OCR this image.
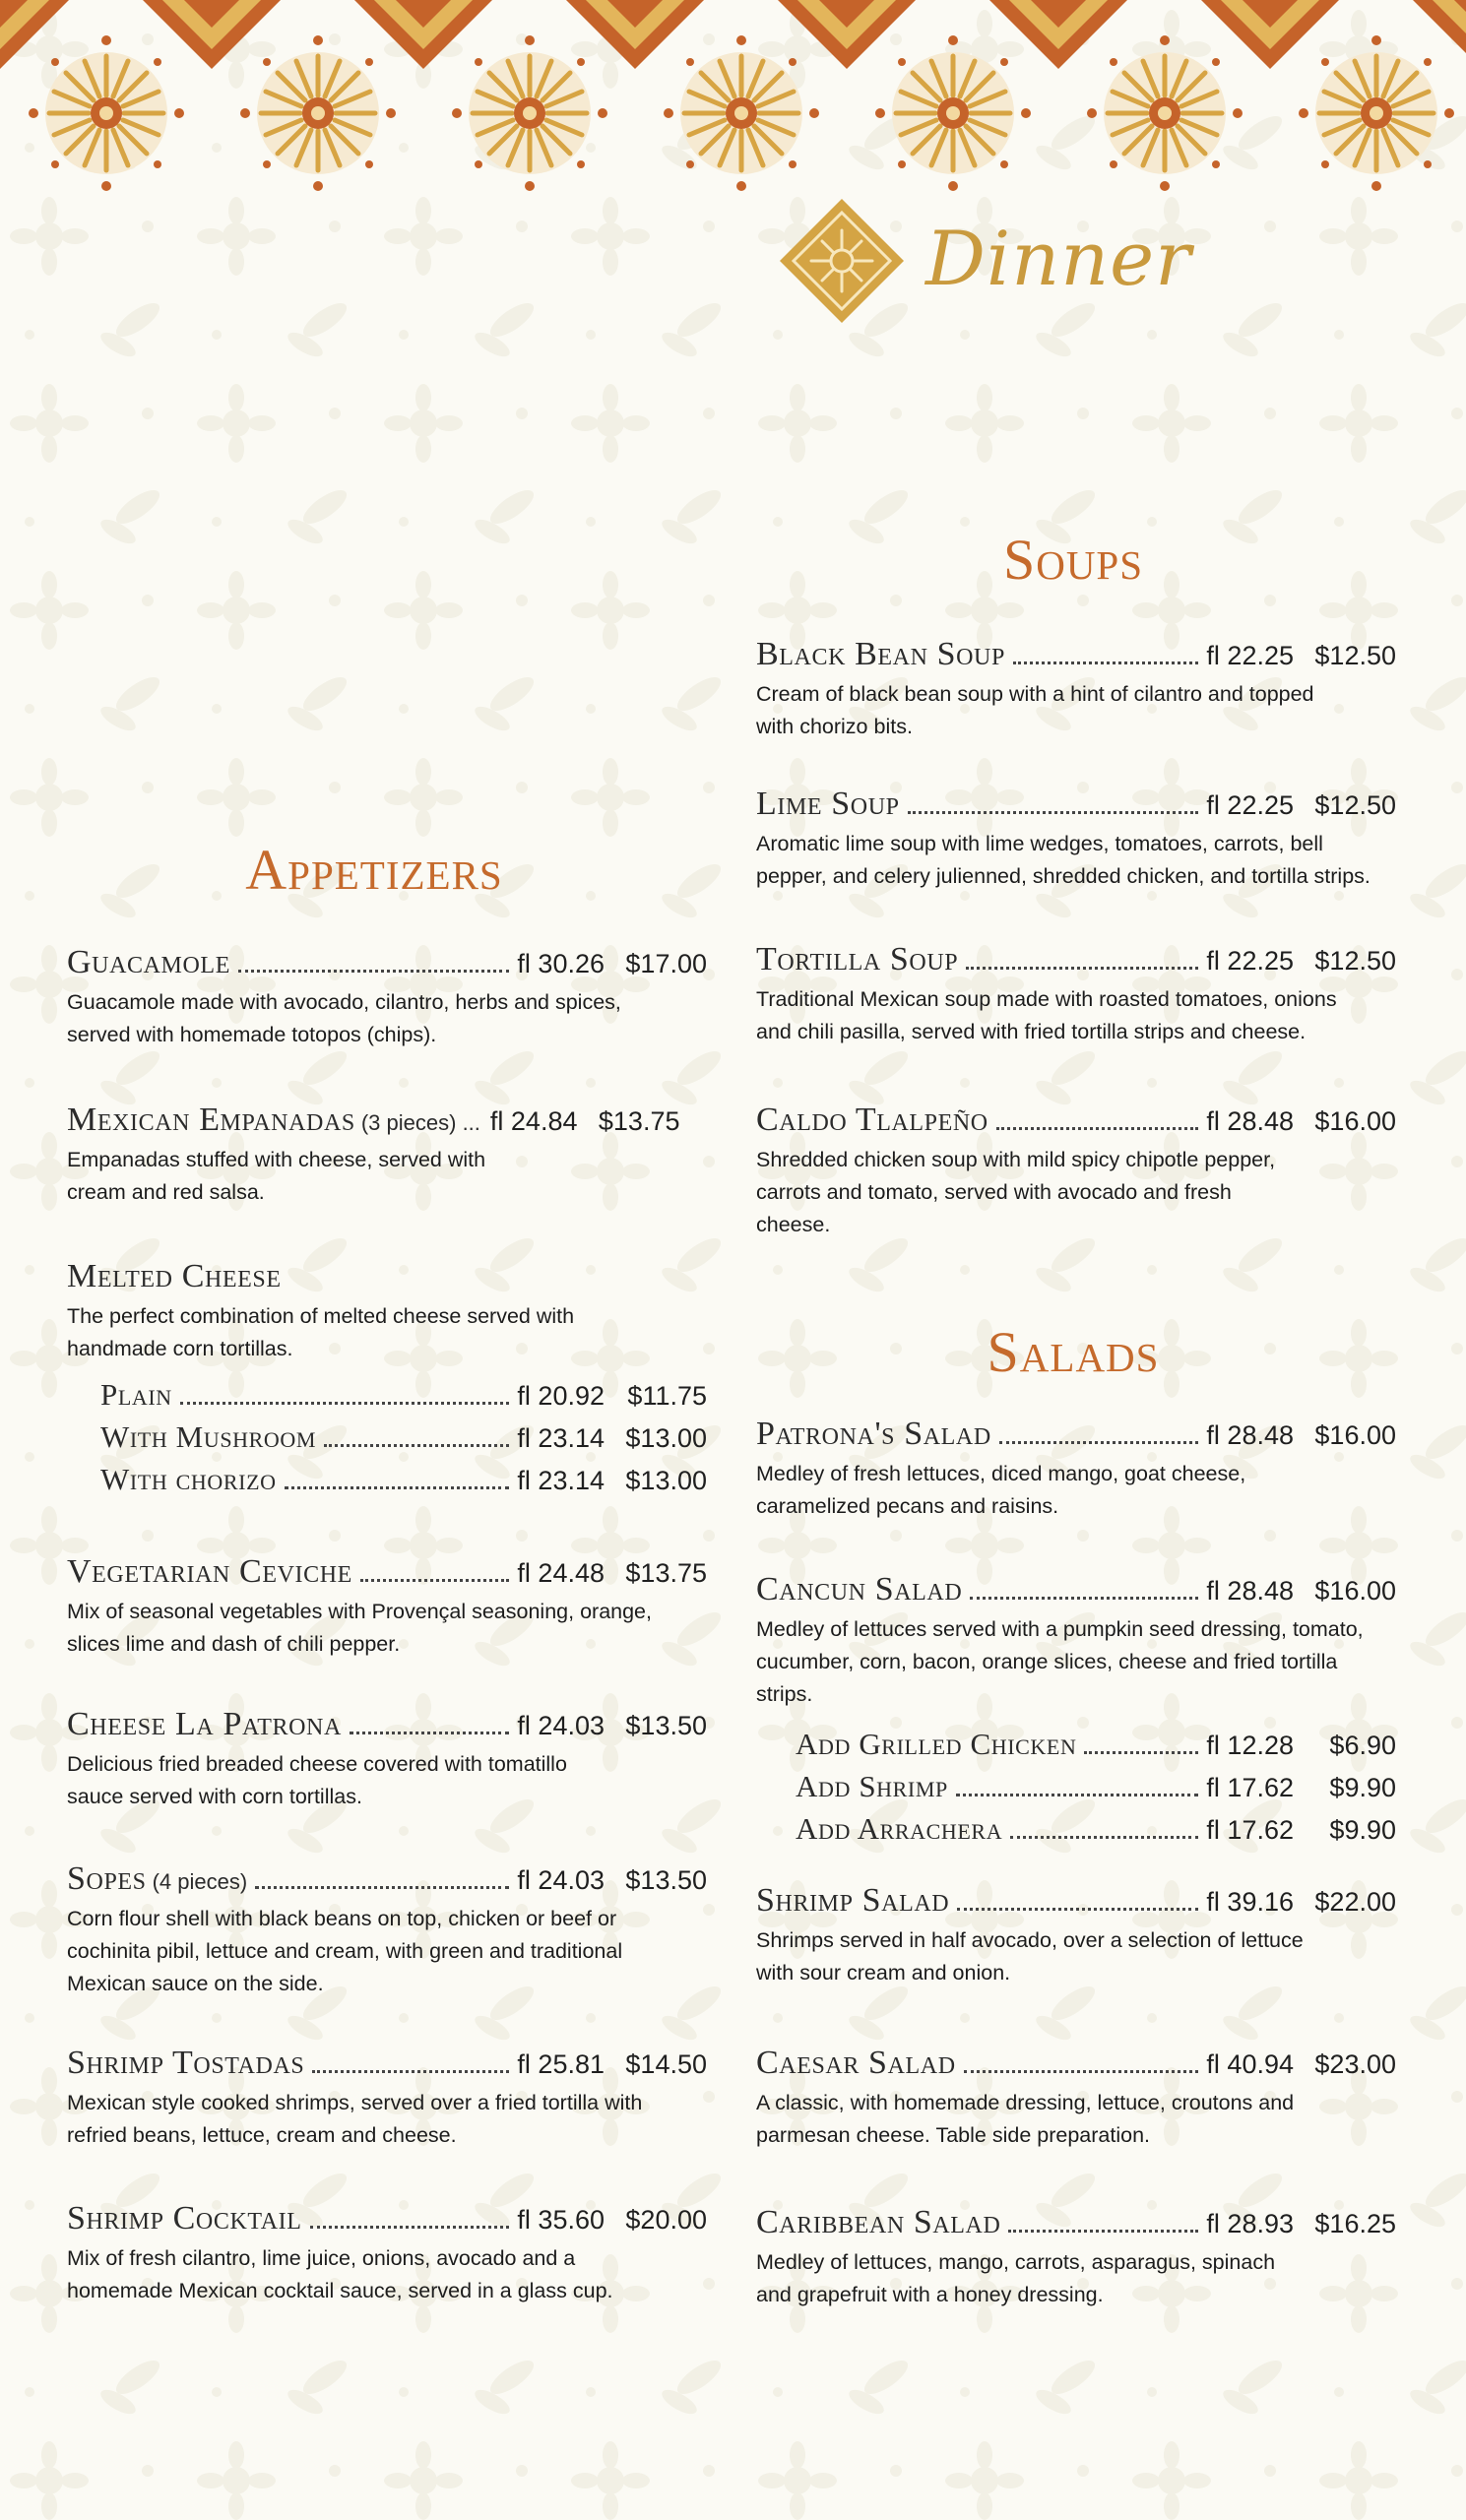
Dinner
Appetizers
Soups
Salads
Guacamole	fl 30.26 $17.00
Guacamole made with avocado, cilantro, herbs and spices, served with homemade totopos (chips).
Mexican Empanadas (3 pieces) ... fl 24.84 $13.75
Empanadas stuffed with cheese, served with cream and red salsa.
Melted Cheese
The perfect combination of melted cheese served with handmade corn tortillas.
Plain	fl 20.92 $11.75
With Mushroom	fl 23.14 $13.00
With chorizo	fl 23.14 $13.00
Vegetarian Ceviche	fl 24.48 $13.75
Mix of seasonal vegetables with Provençal seasoning, orange, slices lime and dash of chili pepper.
Cheese La Patrona	fl 24.03 $13.50
Delicious fried breaded cheese covered with tomatillo sauce served with corn tortillas.
Sopes (4 pieces)	fl 24.03 $13.50
Corn flour shell with black beans on top, chicken or beef or cochinita pibil, lettuce and cream, with green and traditional Mexican sauce on the side.
Shrimp Tostadas	fl 25.81 $14.50
Mexican style cooked shrimps, served over a fried tortilla with refried beans, lettuce, cream and cheese.
Shrimp Cocktail	fl 35.60 $20.00
Mix of fresh cilantro, lime juice, onions, avocado and a homemade Mexican cocktail sauce, served in a glass cup.
Black Bean Soup	fl 22.25 $12.50
Cream of black bean soup with a hint of cilantro and topped with chorizo bits.
Lime Soup	fl 22.25 $12.50
Aromatic lime soup with lime wedges, tomatoes, carrots, bell pepper, and celery julienned, shredded chicken, and tortilla strips.
Tortilla Soup	fl 22.25 $12.50
Traditional Mexican soup made with roasted tomatoes, onions and chili pasilla, served with fried tortilla strips and cheese.
Caldo Tlalpeño	fl 28.48 $16.00
Shredded chicken soup with mild spicy chipotle pepper, carrots and tomato, served with avocado and fresh cheese.
Patrona's Salad	fl 28.48 $16.00
Medley of fresh lettuces, diced mango, goat cheese, caramelized pecans and raisins.
Cancun Salad	fl 28.48 $16.00
Medley of lettuces served with a pumpkin seed dressing, tomato, cucumber, corn, bacon, orange slices, cheese and fried tortilla strips.
Add Grilled Chicken	fl 12.28	$6.90
Add Shrimp	fl 17.62	$9.90
Add Arrachera	fl 17.62	$9.90
Shrimp Salad	fl 39.16 $22.00
Shrimps served in half avocado, over a selection of lettuce with sour cream and onion.
Caesar Salad	fl 40.94 $23.00
A classic, with homemade dressing, lettuce, croutons and parmesan cheese. Table side preparation.
Caribbean Salad	fl 28.93 $16.25
Medley of lettuces, mango, carrots, asparagus, spinach and grapefruit with a honey dressing.
